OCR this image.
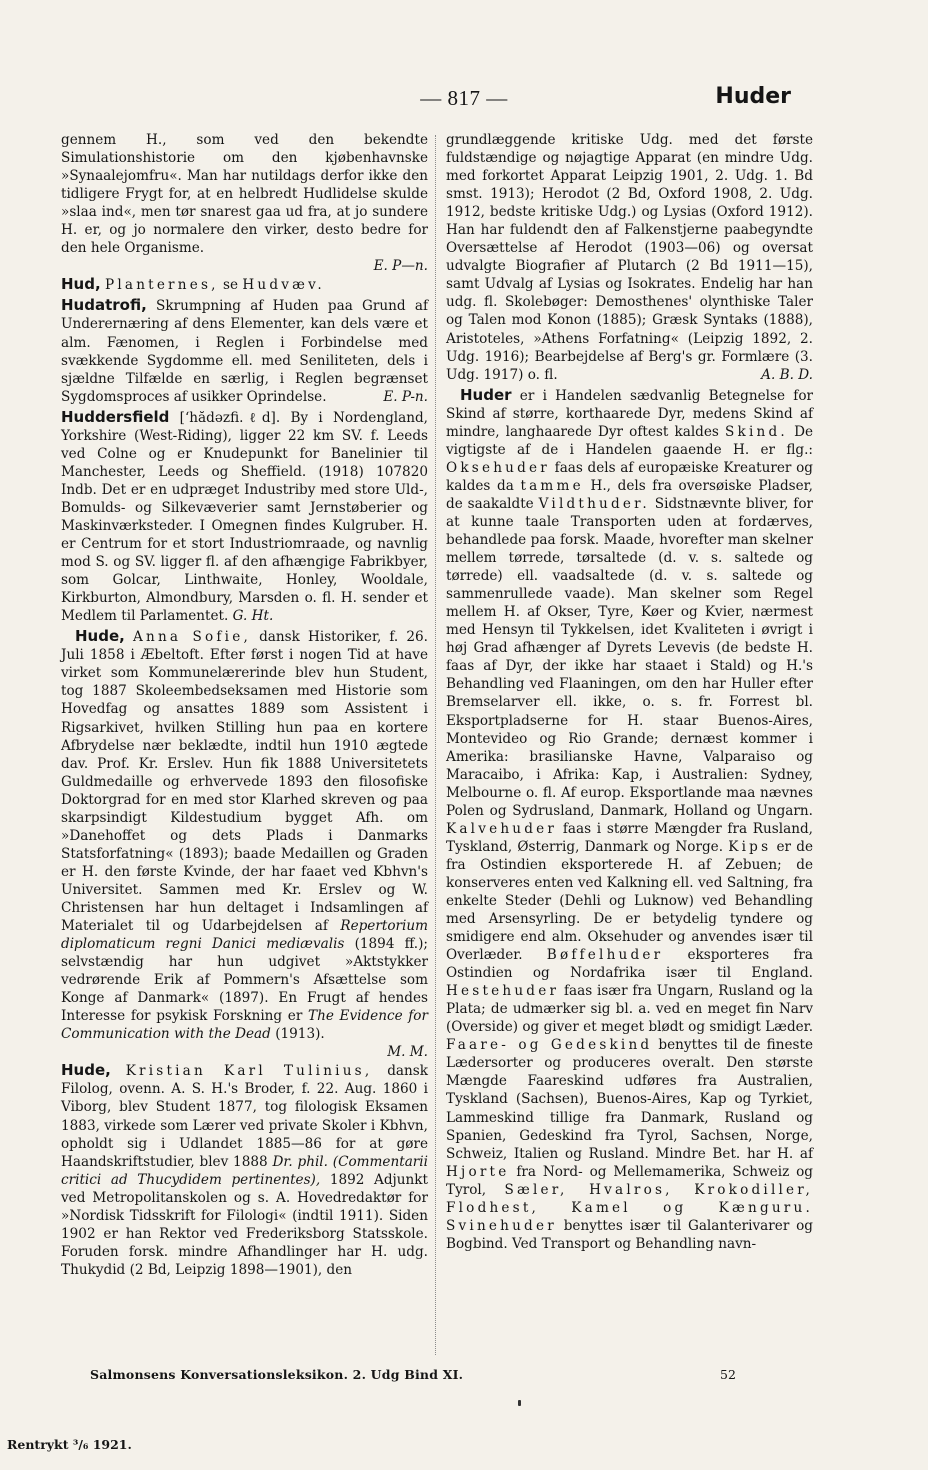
— 817 —	Huder

gennem H., som ved den bekendte Simulationshistorie om den kjøbenhavnske »Synaalejomfru«. Man har nutildags derfor ikke den tidligere Frygt for, at en helbredt Hudlidelse skulde »slaa ind«, men tør snarest gaa ud fra, at jo sundere H. er, og jo normalere den virker, desto bedre for den hele Organisme.

E. P—n.

Hud, Planternes, se Hudvæv.

Hudatrofi, Skrumpning af Huden paa Grund af Underernæring af dens Elementer, kan dels være et alm. Fænomen, i Reglen i Forbindelse med svækkende Sygdomme ell. med Seniliteten, dels i sjældne Tilfælde en særlig, i Reglen begrænset Sygdomsproces af usikker Oprindelse.	E. P-n.

Huddersfield [ʻhădəzfi.ℓd]. By i Nordengland, Yorkshire (West-Riding), ligger 22 km SV. f. Leeds ved Colne og er Knudepunkt for Banelinier til Manchester, Leeds og Sheffield. (1918) 107820 Indb. Det er en udpræget Industriby med store Uld-, Bomulds- og Silkevæverier samt Jernstøberier og Maskinværksteder. I Omegnen findes Kulgruber. H. er Centrum for et stort Industriomraade, og navnlig mod S. og SV. ligger fl. af den afhængige Fabrikbyer, som Golcar, Linthwaite, Honley, Wooldale, Kirkburton, Almondbury, Marsden o. fl. H. sender et Medlem til Parlamentet. G. Ht.

Hude, Anna Sofie, dansk Historiker, f. 26. Juli 1858 i Æbeltoft. Efter først i nogen Tid at have virket som Kommunelærerinde blev hun Student, tog 1887 Skoleembedseksamen med Historie som Hovedfag og ansattes 1889 som Assistent i Rigsarkivet, hvilken Stilling hun paa en kortere Afbrydelse nær beklædte, indtil hun 1910 ægtede dav. Prof. Kr. Erslev. Hun fik 1888 Universitetets Guldmedaille og erhvervede 1893 den filosofiske Doktorgrad for en med stor Klarhed skreven og paa skarpsindigt Kildestudium bygget Afh. om »Danehoffet og dets Plads i Danmarks Statsforfatning« (1893); baade Medaillen og Graden er H. den første Kvinde, der har faaet ved Kbhvn's Universitet. Sammen med Kr. Erslev og W. Christensen har hun deltaget i Indsamlingen af Materialet til og Udarbejdelsen af Repertorium diplomaticum regni Danici mediævalis (1894 ff.); selvstændig har hun udgivet »Aktstykker vedrørende Erik af Pommern's Afsættelse som Konge af Danmark« (1897). En Frugt af hendes Interesse for psykisk Forskning er The Evidence for Communication with the Dead (1913).

M. M.

Hude, Kristian Karl Tulinius, dansk Filolog, ovenn. A. S. H.'s Broder, f. 22. Aug. 1860 i Viborg, blev Student 1877, tog filologisk Eksamen 1883, virkede som Lærer ved private Skoler i Kbhvn, opholdt sig i Udlandet 1885—86 for at gøre Haandskriftstudier, blev 1888 Dr. phil. (Commentarii critici ad Thucydidem pertinentes), 1892 Adjunkt ved Metropolitanskolen og s. A. Hovedredaktør for »Nordisk Tidsskrift for Filologi« (indtil 1911). Siden 1902 er han Rektor ved Frederiksborg Statsskole. Foruden forsk. mindre Afhandlinger har H. udg. Thukydid (2 Bd, Leipzig 1898—1901), den

grundlæggende kritiske Udg. med det første fuldstændige og nøjagtige Apparat (en mindre Udg. med forkortet Apparat Leipzig 1901, 2. Udg. 1. Bd smst. 1913); Herodot (2 Bd, Oxford 1908, 2. Udg. 1912, bedste kritiske Udg.) og Lysias (Oxford 1912). Han har fuldendt den af Falkenstjerne paabegyndte Oversættelse af Herodot (1903—06) og oversat udvalgte Biografier af Plutarch (2 Bd 1911—15), samt Udvalg af Lysias og Isokrates. Endelig har han udg. fl. Skolebøger: Demosthenes' olynthiske Taler og Talen mod Konon (1885); Græsk Syntaks (1888), Aristoteles, »Athens Forfatning« (Leipzig 1892, 2. Udg. 1916); Bearbejdelse af Berg's gr. Formlære (3. Udg. 1917) o. fl.	A. B. D.

Huder er i Handelen sædvanlig Betegnelse for Skind af større, korthaarede Dyr, medens Skind af mindre, langhaarede Dyr oftest kaldes Skind. De vigtigste af de i Handelen gaaende H. er flg.: Oksehuder faas dels af europæiske Kreaturer og kaldes da tamme H., dels fra oversøiske Pladser, de saakaldte Vildthuder. Sidstnævnte bliver, for at kunne taale Transporten uden at fordærves, behandlede paa forsk. Maade, hvorefter man skelner mellem tørrede, tørsaltede (d. v. s. saltede og tørrede) ell. vaadsaltede (d. v. s. saltede og sammenrullede vaade). Man skelner som Regel mellem H. af Okser, Tyre, Køer og Kvier, nærmest med Hensyn til Tykkelsen, idet Kvaliteten i øvrigt i høj Grad afhænger af Dyrets Levevis (de bedste H. faas af Dyr, der ikke har staaet i Stald) og H.'s Behandling ved Flaaningen, om den har Huller efter Bremselarver ell. ikke, o. s. fr. Forrest bl. Eksportpladserne for H. staar Buenos-Aires, Montevideo og Rio Grande; dernæst kommer i Amerika: brasilianske Havne, Valparaiso og Maracaibo, i Afrika: Kap, i Australien: Sydney, Melbourne o. fl. Af europ. Eksportlande maa nævnes Polen og Sydrusland, Danmark, Holland og Ungarn. Kalvehuder faas i større Mængder fra Rusland, Tyskland, Østerrig, Danmark og Norge. Kips er de fra Ostindien eksporterede H. af Zebuen; de konserveres enten ved Kalkning ell. ved Saltning, fra enkelte Steder (Dehli og Luknow) ved Behandling med Arsensyrling. De er betydelig tyndere og smidigere end alm. Oksehuder og anvendes især til Overlæder. Bøffelhuder eksporteres fra Ostindien og Nordafrika især til England. Hestehuder faas især fra Ungarn, Rusland og la Plata; de udmærker sig bl. a. ved en meget fin Narv (Overside) og giver et meget blødt og smidigt Læder. Faare- og Gedeskind benyttes til de fineste Lædersorter og produceres overalt. Den største Mængde Faareskind udføres fra Australien, Tyskland (Sachsen), Buenos-Aires, Kap og Tyrkiet, Lammeskind tillige fra Danmark, Rusland og Spanien, Gedeskind fra Tyrol, Sachsen, Norge, Schweiz, Italien og Rusland. Mindre Bet. har H. af Hjorte fra Nord- og Mellemamerika, Schweiz og Tyrol, Sæler, Hvalros, Krokodiller, Flodhest, Kamel og Kænguru. Svinehuder benyttes især til Galanterivarer og Bogbind. Ved Transport og Behandling navn-

Salmonsens Konversationsleksikon. 2. Udg Bind XI.	52
Rentrykt ³/₆ 1921.
